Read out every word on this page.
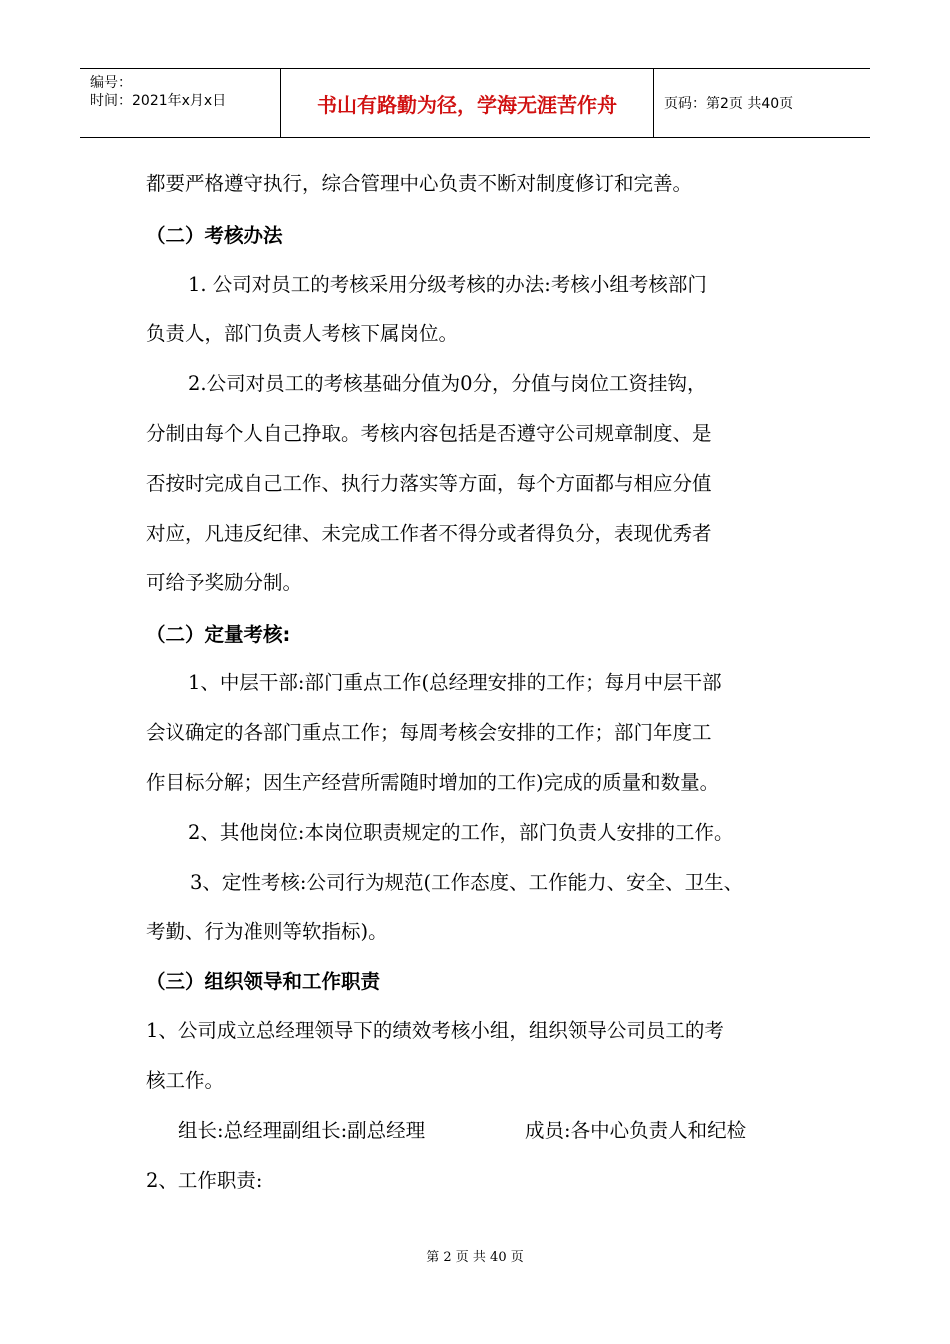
编号：
时间：2021年x月x日	书山有路勤为径，学海无涯苦作舟	页码：第2页 共40页
都要严格遵守执行，综合管理中心负责不断对制度修订和完善。
（二）考核办法
1. 公司对员工的考核采用分级考核的办法:考核小组考核部门
负责人，部门负责人考核下属岗位。
2.公司对员工的考核基础分值为0分，分值与岗位工资挂钩，
分制由每个人自己挣取。考核内容包括是否遵守公司规章制度、是
否按时完成自己工作、执行力落实等方面，每个方面都与相应分值
对应，凡违反纪律、未完成工作者不得分或者得负分，表现优秀者
可给予奖励分制。
（二）定量考核:
1、中层干部:部门重点工作(总经理安排的工作；每月中层干部
会议确定的各部门重点工作；每周考核会安排的工作；部门年度工
作目标分解；因生产经营所需随时增加的工作)完成的质量和数量。
2、其他岗位:本岗位职责规定的工作，部门负责人安排的工作。
3、定性考核:公司行为规范(工作态度、工作能力、安全、卫生、
考勤、行为准则等软指标)。
（三）组织领导和工作职责
1、公司成立总经理领导下的绩效考核小组，组织领导公司员工的考
核工作。
组长:总经理副组长:副总经理	成员:各中心负责人和纪检
2、工作职责:
第 2 页 共 40 页
